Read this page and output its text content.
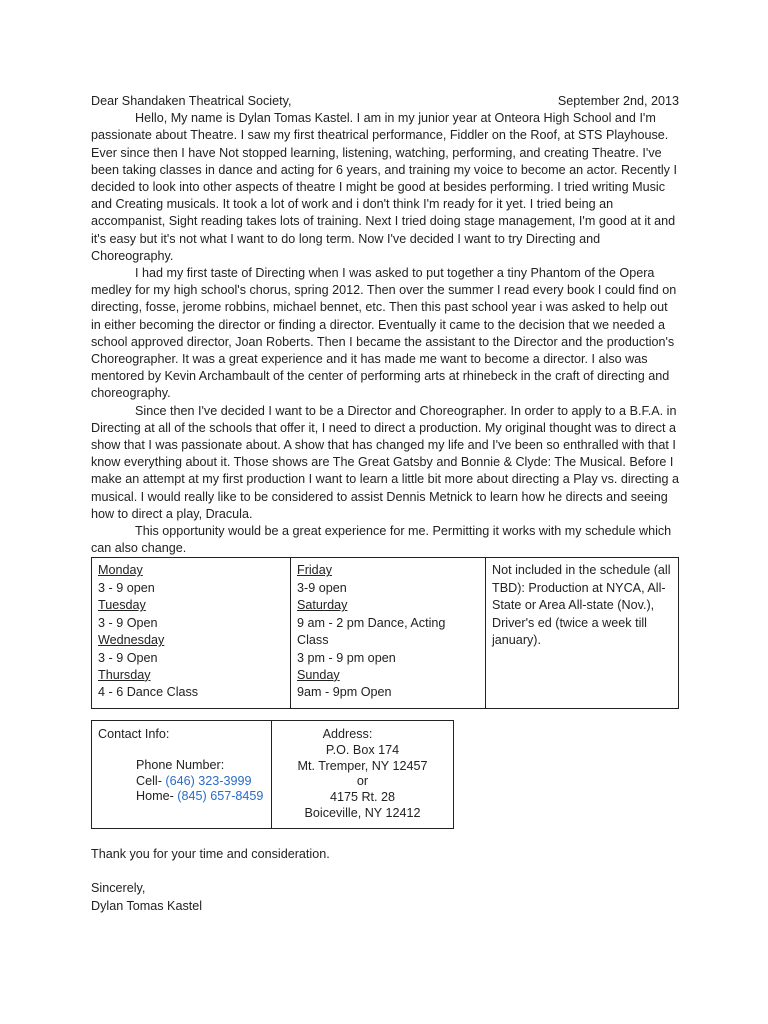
Dear Shandaken Theatrical Society,	September 2nd, 2013

Hello, My name is Dylan Tomas Kastel. I am in my junior year at Onteora High School and I'm passionate about Theatre. I saw my first theatrical performance, Fiddler on the Roof, at STS Playhouse. Ever since then I have Not stopped learning, listening, watching, performing, and creating Theatre. I've been taking classes in dance and acting for 6 years, and training my voice to become an actor. Recently I decided to look into other aspects of theatre I might be good at besides performing. I tried writing Music and Creating musicals. It took a lot of work and i don't think I'm ready for it yet. I tried being an accompanist, Sight reading takes lots of training. Next I tried doing stage management, I'm good at it and it's easy but it's not what I want to do long term. Now I've decided I want to try Directing and Choreography.

I had my first taste of Directing when I was asked to put together a tiny Phantom of the Opera medley for my high school's chorus, spring 2012. Then over the summer I read every book I could find on directing, fosse, jerome robbins, michael bennet, etc. Then this past school year i was asked to help out in either becoming the director or finding a director. Eventually it came to the decision that we needed a school approved director, Joan Roberts. Then I became the assistant to the Director and the production's Choreographer. It was a great experience and it has made me want to become a director. I also was mentored by Kevin Archambault of the center of performing arts at rhinebeck in the craft of directing and choreography.

Since then I've decided I want to be a Director and Choreographer. In order to apply to a B.F.A. in Directing at all of the schools that offer it, I need to direct a production. My original thought was to direct a show that I was passionate about. A show that has changed my life and I've been so enthralled with that I know everything about it. Those shows are The Great Gatsby and Bonnie & Clyde: The Musical. Before I make an attempt at my first production I want to learn a little bit more about directing a Play vs. directing a musical. I would really like to be considered to assist Dennis Metnick to learn how he directs and seeing how to direct a play, Dracula.

This opportunity would be a great experience for me. Permitting it works with my schedule which can also change.

Monday
3 - 9 open
Tuesday
3 - 9 Open
Wednesday
3 - 9 Open
Thursday
4 - 6 Dance Class

Friday
3-9 open
Saturday
9 am - 2 pm Dance, Acting Class
3 pm - 9 pm open
Sunday
9am - 9pm Open

Not included in the schedule (all TBD): Production at NYCA, All-State or Area All-state (Nov.), Driver's ed (twice a week till january).
Contact Info:
Phone Number:
Cell- (646) 323-3999
Home- (845) 657-8459
Address:
P.O. Box 174
Mt. Tremper, NY 12457
or
4175 Rt. 28
Boiceville, NY 12412
Thank you for your time and consideration.
Sincerely,
Dylan Tomas Kastel
